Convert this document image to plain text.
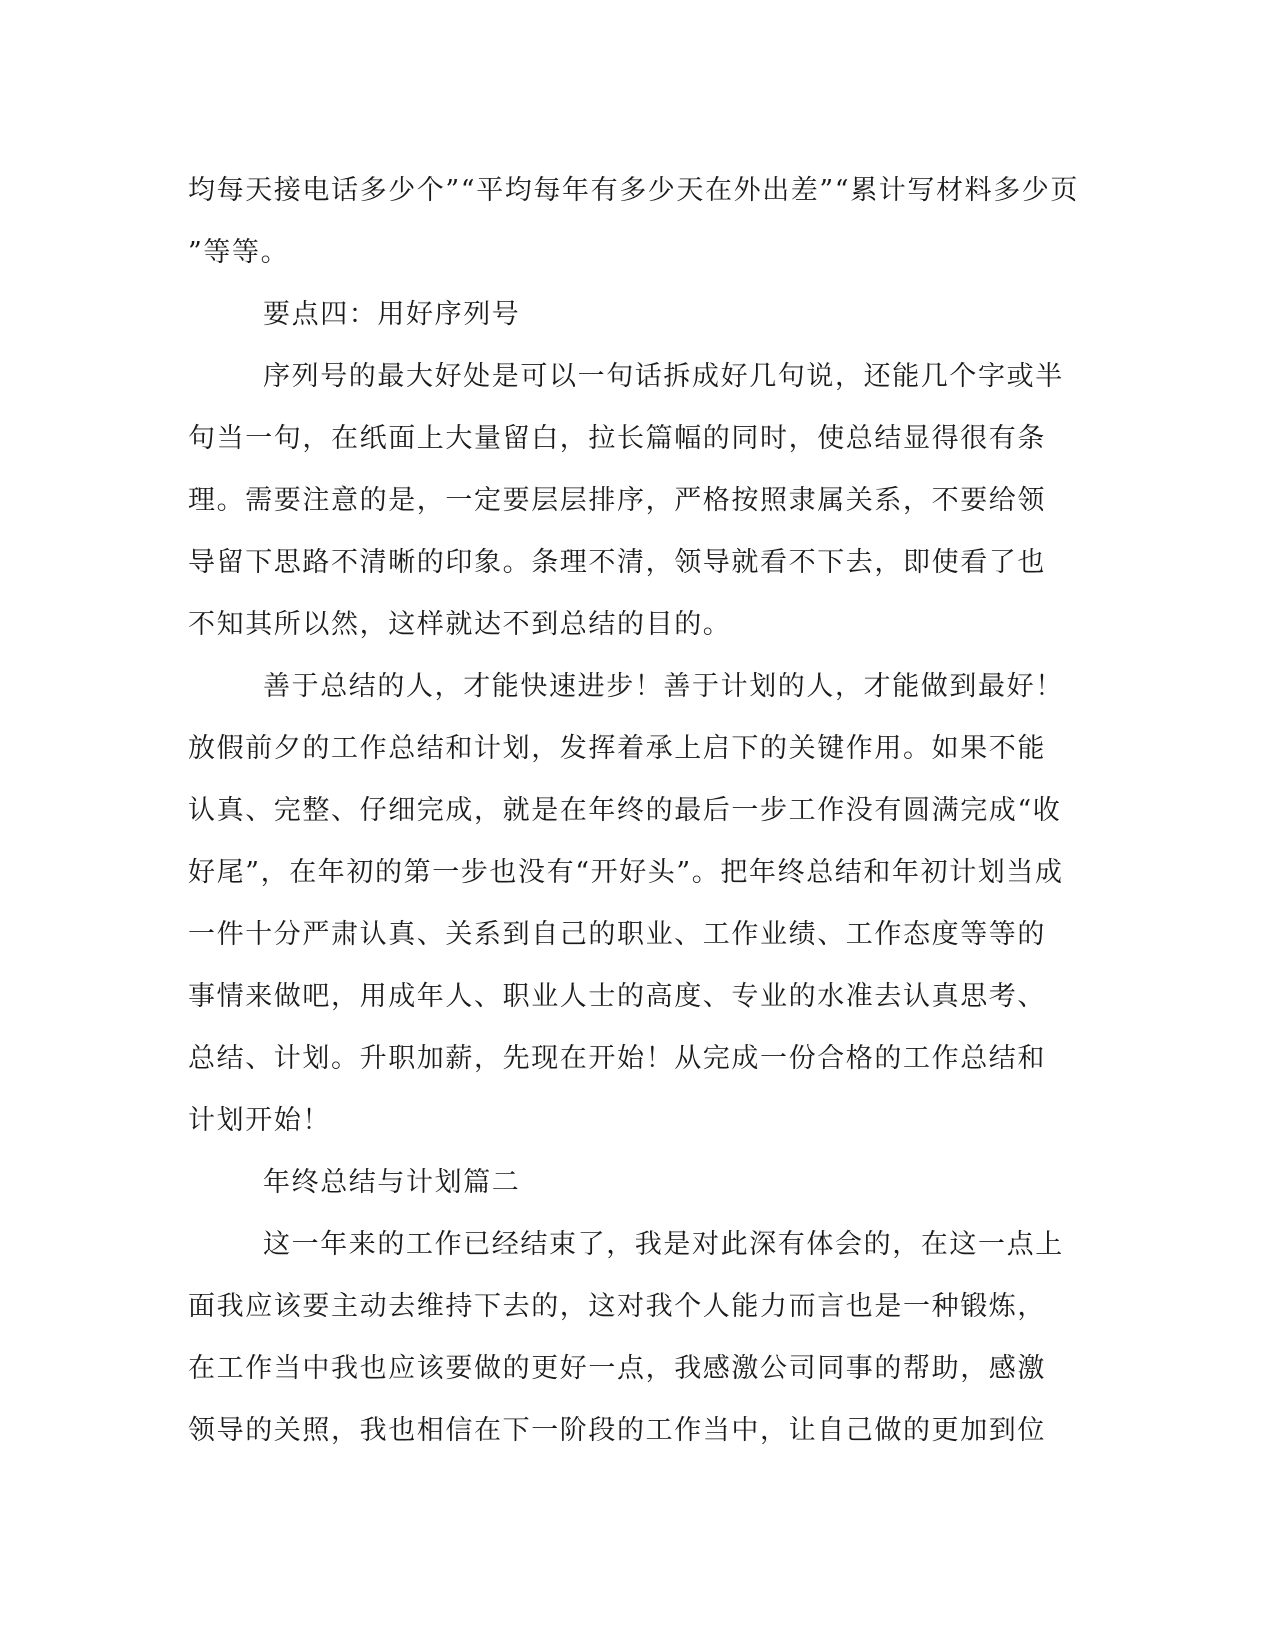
均每天接电话多少个”“平均每年有多少天在外出差”“累计写材料多少页
”等等。
要点四：用好序列号
序列号的最大好处是可以一句话拆成好几句说，还能几个字或半
句当一句，在纸面上大量留白，拉长篇幅的同时，使总结显得很有条
理。需要注意的是，一定要层层排序，严格按照隶属关系，不要给领
导留下思路不清晰的印象。条理不清，领导就看不下去，即使看了也
不知其所以然，这样就达不到总结的目的。
善于总结的人，才能快速进步！善于计划的人，才能做到最好！
放假前夕的工作总结和计划，发挥着承上启下的关键作用。如果不能
认真、完整、仔细完成，就是在年终的最后一步工作没有圆满完成“收
好尾”，在年初的第一步也没有“开好头”。把年终总结和年初计划当成
一件十分严肃认真、关系到自己的职业、工作业绩、工作态度等等的
事情来做吧，用成年人、职业人士的高度、专业的水准去认真思考、
总结、计划。升职加薪，先现在开始！从完成一份合格的工作总结和
计划开始！
年终总结与计划篇二
这一年来的工作已经结束了，我是对此深有体会的，在这一点上
面我应该要主动去维持下去的，这对我个人能力而言也是一种锻炼，
在工作当中我也应该要做的更好一点，我感激公司同事的帮助，感激
领导的关照，我也相信在下一阶段的工作当中，让自己做的更加到位
